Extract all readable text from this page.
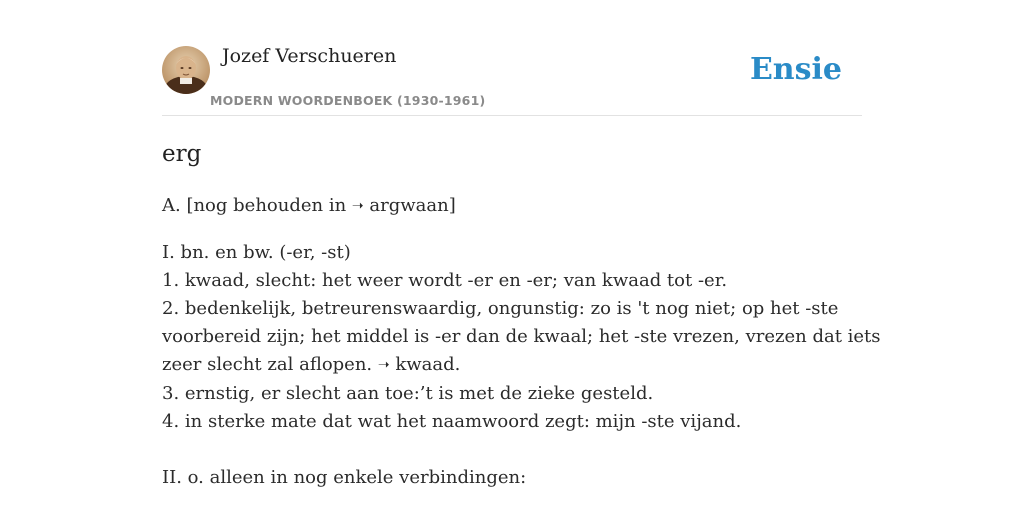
Jozef Verschueren
MODERN WOORDENBOEK (1930-1961)
Ensie
erg
A. [nog behouden in ➝ argwaan]
I. bn. en bw. (-er, -st)
1. kwaad, slecht: het weer wordt -er en -er; van kwaad tot -er.
2. bedenkelijk, betreurenswaardig, ongunstig: zo is 't nog niet; op het -ste
voorbereid zijn; het middel is -er dan de kwaal; het -ste vrezen, vrezen dat iets
zeer slecht zal aflopen. ➝ kwaad.
3. ernstig, er slecht aan toe:’t is met de zieke gesteld.
4. in sterke mate dat wat het naamwoord zegt: mijn -ste vijand.
II. o. alleen in nog enkele verbindingen:
